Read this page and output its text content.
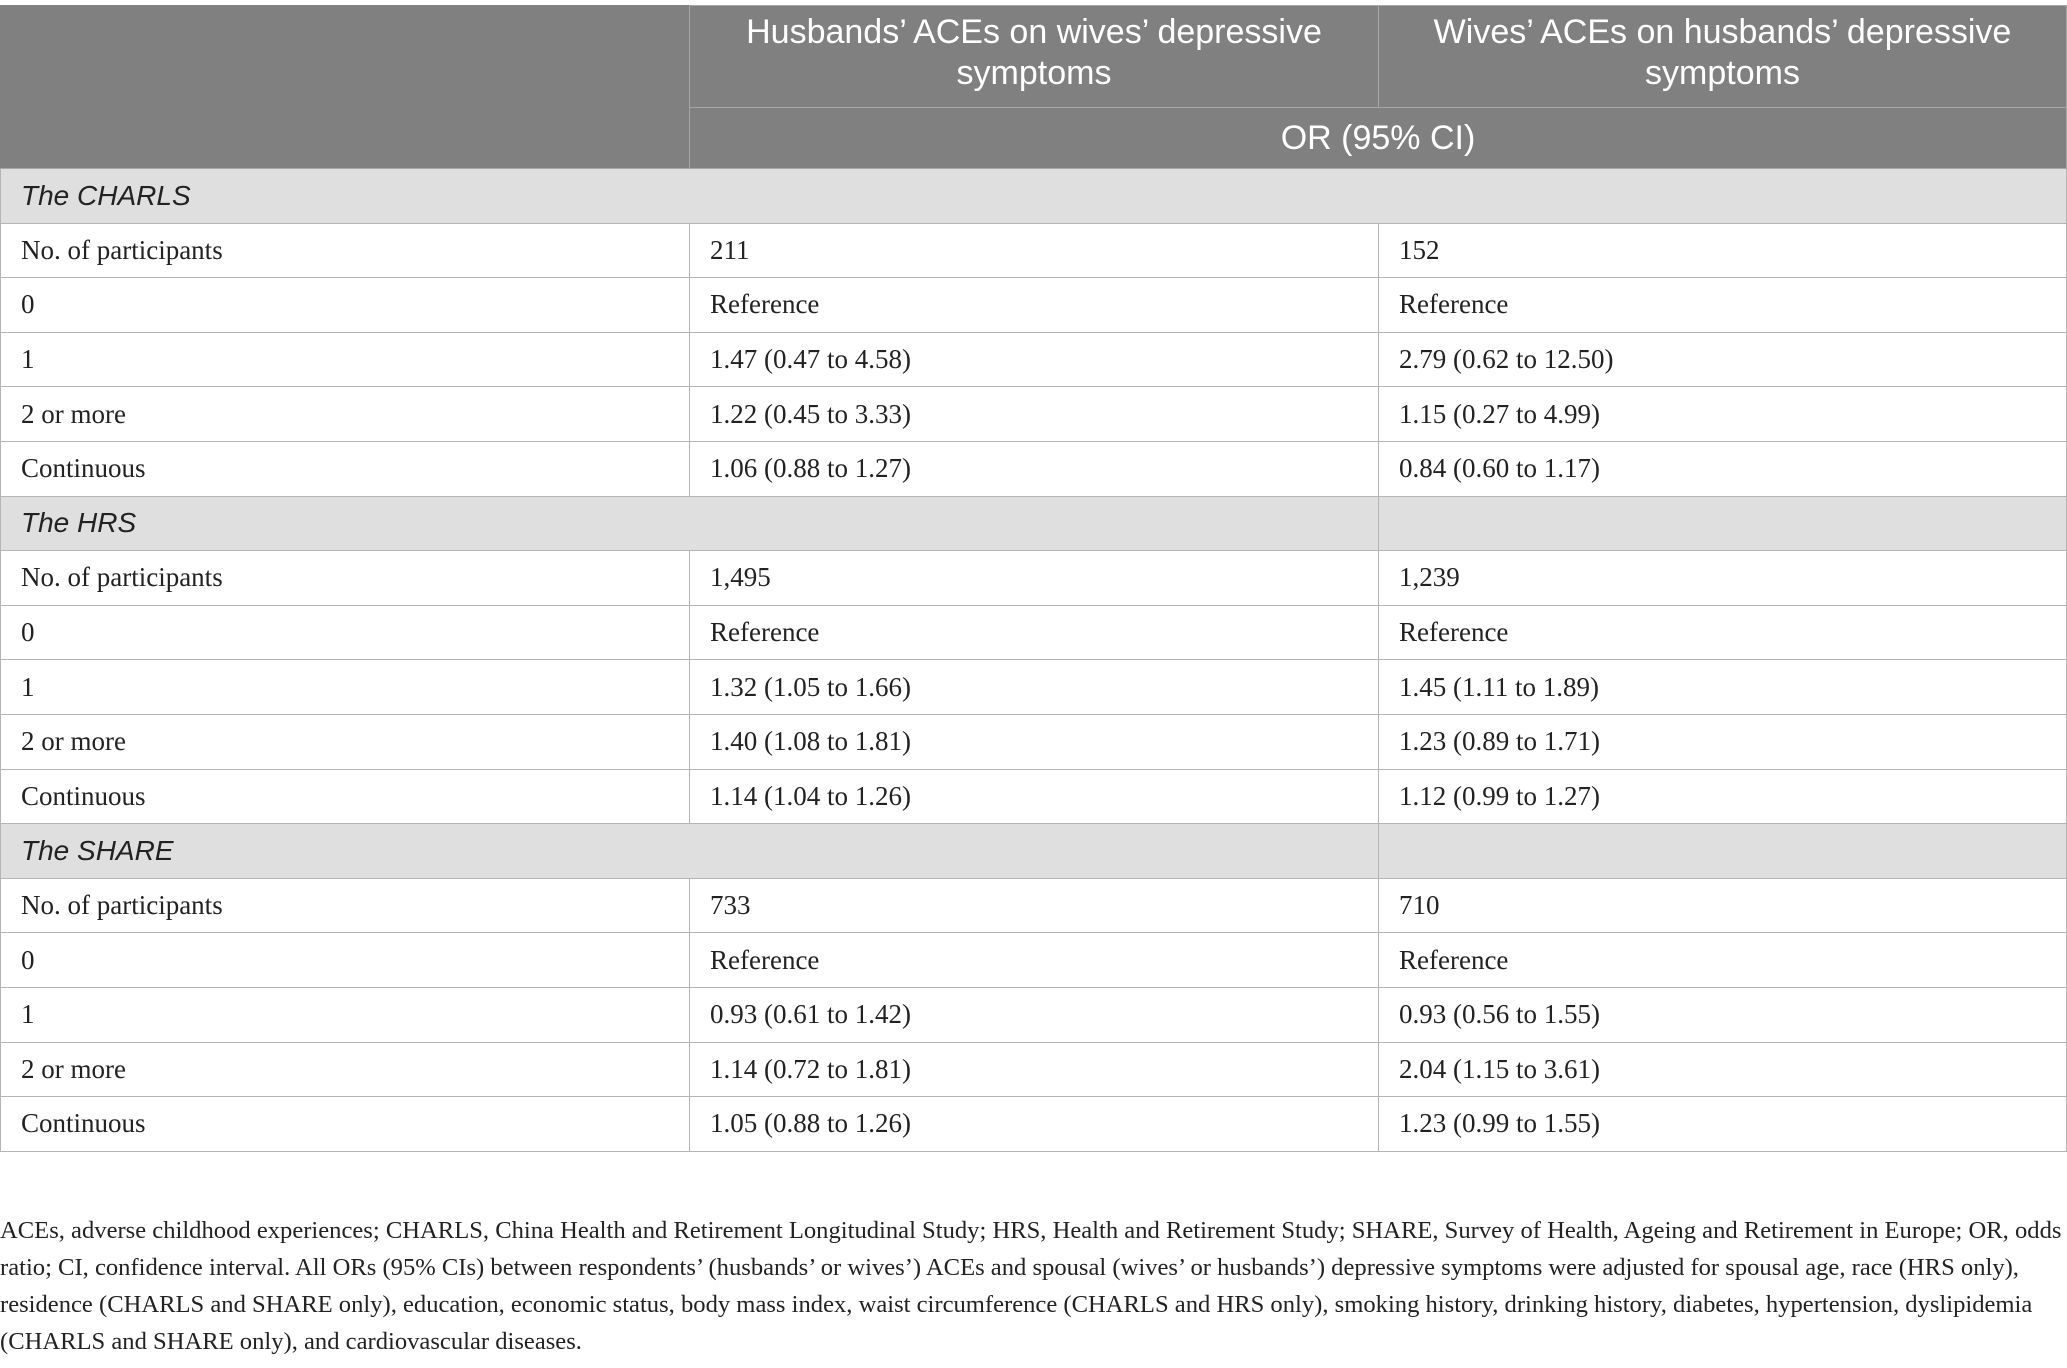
	Husbands’ ACEs on wives’ depressive symptoms	Wives’ ACEs on husbands’ depressive symptoms
	OR (95% CI)	
The CHARLS		
No. of participants	211	152
0	Reference	Reference
1	1.47 (0.47 to 4.58)	2.79 (0.62 to 12.50)
2 or more	1.22 (0.45 to 3.33)	1.15 (0.27 to 4.99)
Continuous	1.06 (0.88 to 1.27)	0.84 (0.60 to 1.17)
The HRS		
No. of participants	1,495	1,239
0	Reference	Reference
1	1.32 (1.05 to 1.66)	1.45 (1.11 to 1.89)
2 or more	1.40 (1.08 to 1.81)	1.23 (0.89 to 1.71)
Continuous	1.14 (1.04 to 1.26)	1.12 (0.99 to 1.27)
The SHARE		
No. of participants	733	710
0	Reference	Reference
1	0.93 (0.61 to 1.42)	0.93 (0.56 to 1.55)
2 or more	1.14 (0.72 to 1.81)	2.04 (1.15 to 3.61)
Continuous	1.05 (0.88 to 1.26)	1.23 (0.99 to 1.55)
ACEs, adverse childhood experiences; CHARLS, China Health and Retirement Longitudinal Study; HRS, Health and Retirement Study; SHARE, Survey of Health, Ageing and Retirement in Europe; OR, odds ratio; CI, confidence interval. All ORs (95% CIs) between respondents’ (husbands’ or wives’) ACEs and spousal (wives’ or husbands’) depressive symptoms were adjusted for spousal age, race (HRS only), residence (CHARLS and SHARE only), education, economic status, body mass index, waist circumference (CHARLS and HRS only), smoking history, drinking history, diabetes, hypertension, dyslipidemia (CHARLS and SHARE only), and cardiovascular diseases.
